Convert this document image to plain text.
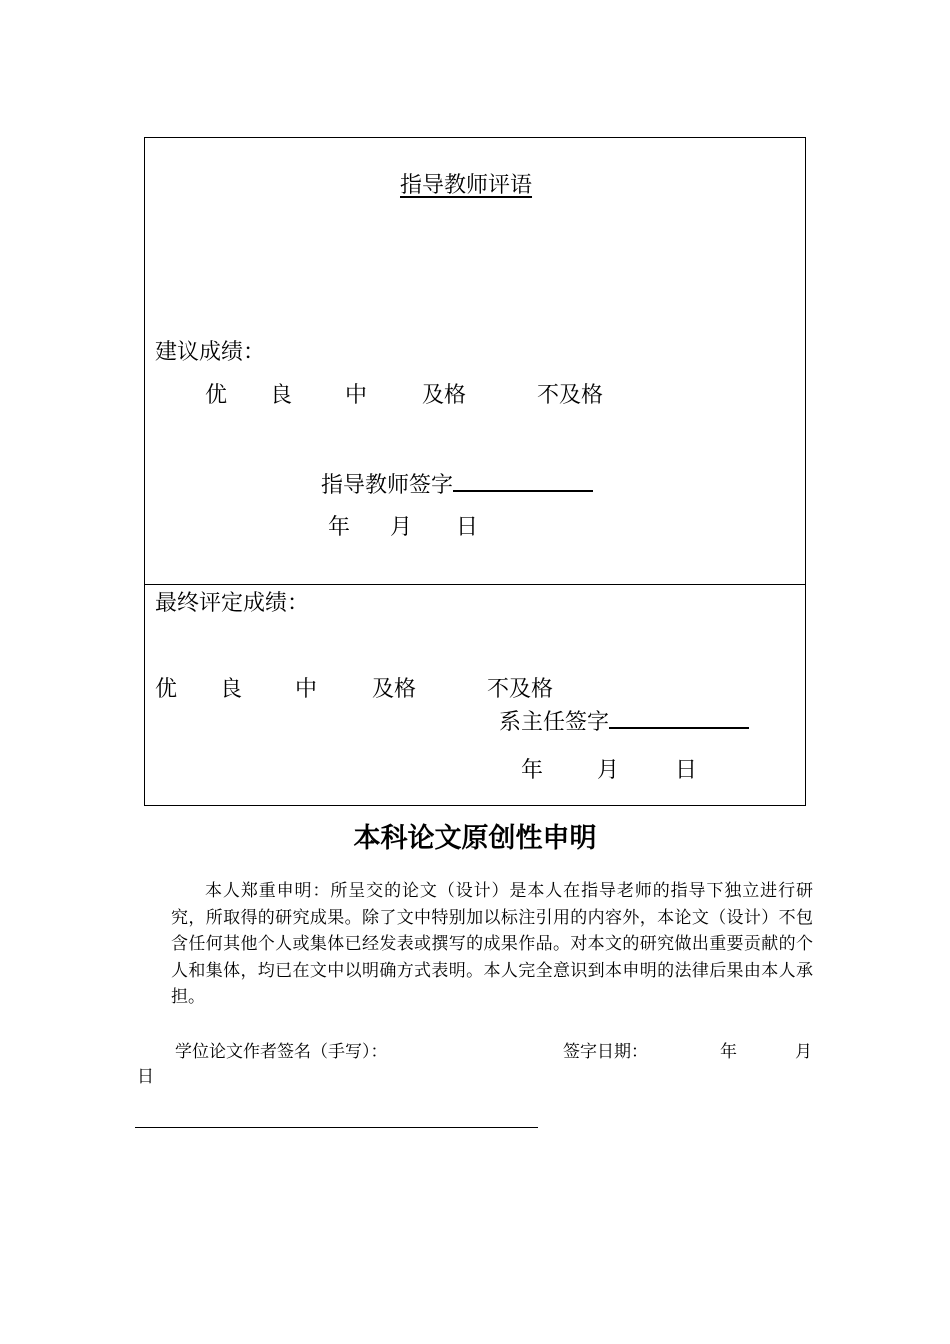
指导教师评语
建议成绩：
优 良 中 及格	不及格
指导教师签字
年 月 日
最终评定成绩：
优 良 中 及格	不及格
系主任签字
年 月	日
本科论文原创性申明
本人郑重申明：所呈交的论文（设计）是本人在指导老师的指导下独立进行研究，所取得的研究成果。除了文中特别加以标注引用的内容外，本论文（设计）不包含任何其他个人或集体已经发表或撰写的成果作品。对本文的研究做出重要贡献的个人和集体，均已在文中以明确方式表明。本人完全意识到本申明的法律后果由本人承担。
学位论文作者签名（手写）：	签字日期：	年	月
日
